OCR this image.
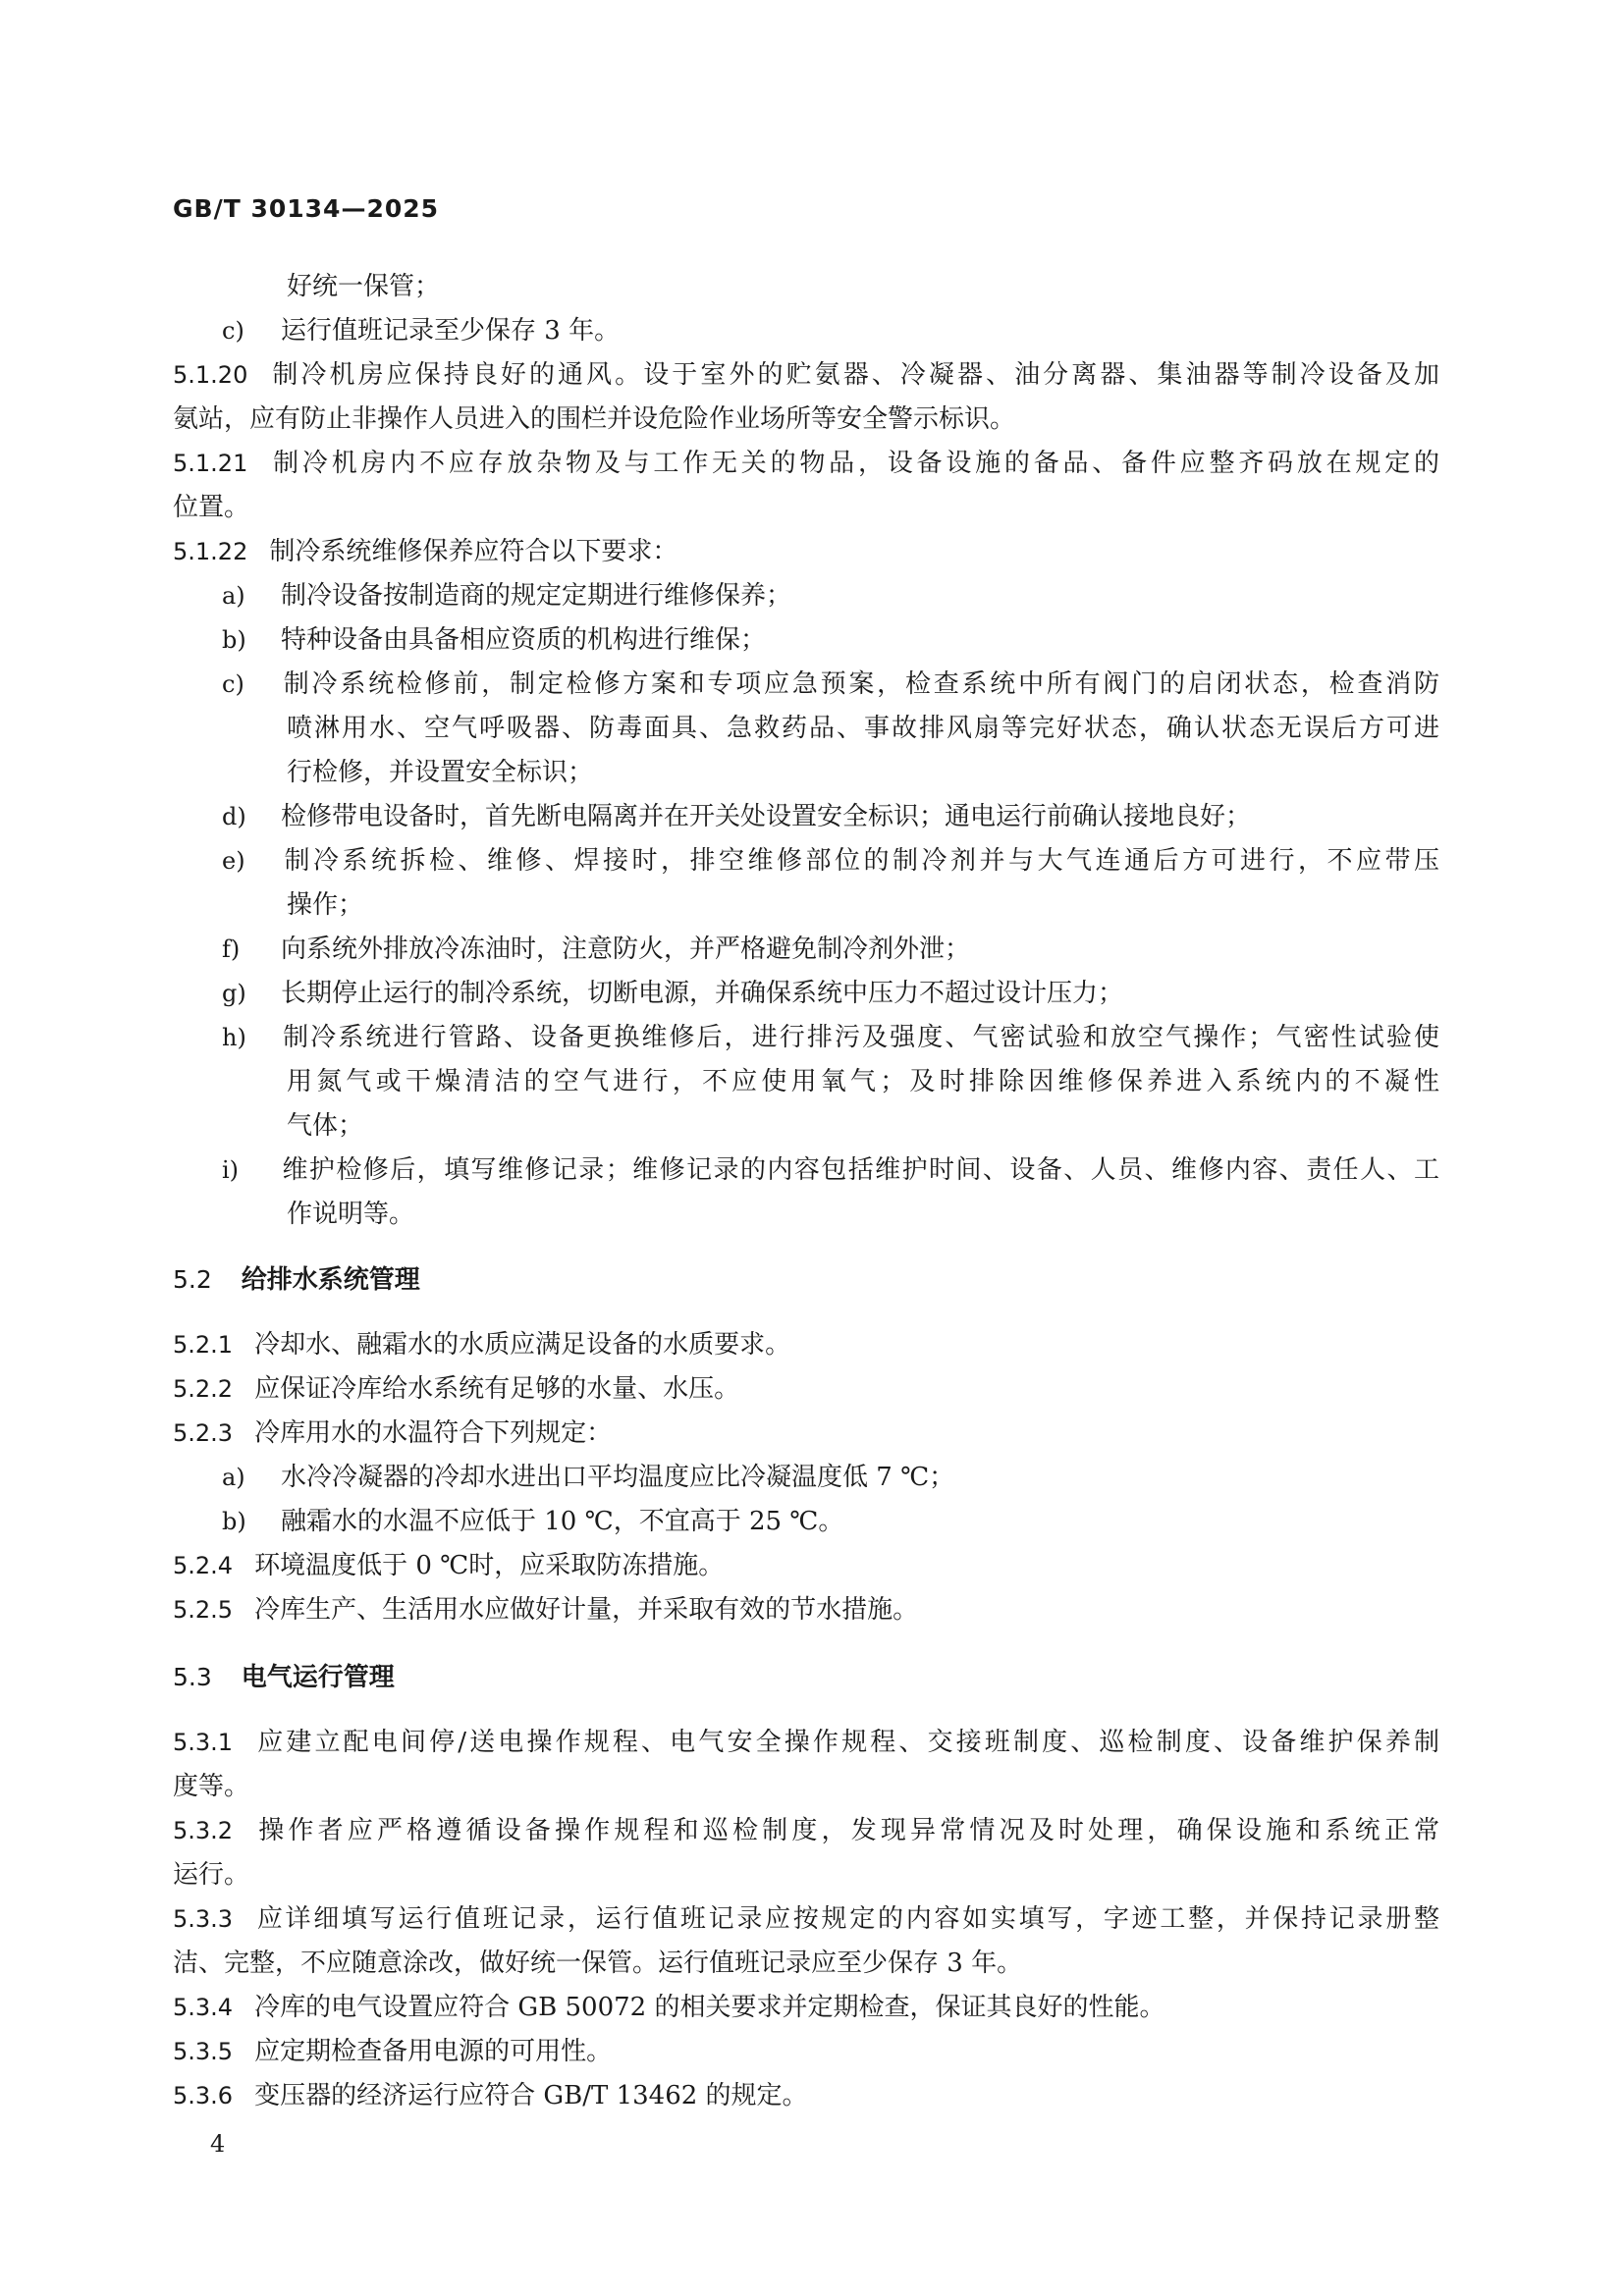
GB/T 30134—2025
好统一保管；
c) 运行值班记录至少保存 3 年。
5.1.20 制冷机房应保持良好的通风。设于室外的贮氨器、冷凝器、油分离器、集油器等制冷设备及加
氨站，应有防止非操作人员进入的围栏并设危险作业场所等安全警示标识。
5.1.21 制冷机房内不应存放杂物及与工作无关的物品，设备设施的备品、备件应整齐码放在规定的
位置。
5.1.22 制冷系统维修保养应符合以下要求：
a) 制冷设备按制造商的规定定期进行维修保养；
b) 特种设备由具备相应资质的机构进行维保；
c) 制冷系统检修前，制定检修方案和专项应急预案，检查系统中所有阀门的启闭状态，检查消防
喷淋用水、空气呼吸器、防毒面具、急救药品、事故排风扇等完好状态，确认状态无误后方可进
行检修，并设置安全标识；
d) 检修带电设备时，首先断电隔离并在开关处设置安全标识；通电运行前确认接地良好；
e) 制冷系统拆检、维修、焊接时，排空维修部位的制冷剂并与大气连通后方可进行，不应带压
操作；
f) 向系统外排放冷冻油时，注意防火，并严格避免制冷剂外泄；
g) 长期停止运行的制冷系统，切断电源，并确保系统中压力不超过设计压力；
h) 制冷系统进行管路、设备更换维修后，进行排污及强度、气密试验和放空气操作；气密性试验使
用氮气或干燥清洁的空气进行，不应使用氧气；及时排除因维修保养进入系统内的不凝性
气体；
i) 维护检修后，填写维修记录；维修记录的内容包括维护时间、设备、人员、维修内容、责任人、工
作说明等。
5.2 给排水系统管理
5.2.1 冷却水、融霜水的水质应满足设备的水质要求。
5.2.2 应保证冷库给水系统有足够的水量、水压。
5.2.3 冷库用水的水温符合下列规定：
a) 水冷冷凝器的冷却水进出口平均温度应比冷凝温度低 7 ℃；
b) 融霜水的水温不应低于 10 ℃，不宜高于 25 ℃。
5.2.4 环境温度低于 0 ℃时，应采取防冻措施。
5.2.5 冷库生产、生活用水应做好计量，并采取有效的节水措施。
5.3 电气运行管理
5.3.1 应建立配电间停/送电操作规程、电气安全操作规程、交接班制度、巡检制度、设备维护保养制
度等。
5.3.2 操作者应严格遵循设备操作规程和巡检制度，发现异常情况及时处理，确保设施和系统正常
运行。
5.3.3 应详细填写运行值班记录，运行值班记录应按规定的内容如实填写，字迹工整，并保持记录册整
洁、完整，不应随意涂改，做好统一保管。运行值班记录应至少保存 3 年。
5.3.4 冷库的电气设置应符合 GB 50072 的相关要求并定期检查，保证其良好的性能。
5.3.5 应定期检查备用电源的可用性。
5.3.6 变压器的经济运行应符合 GB/T 13462 的规定。
4
